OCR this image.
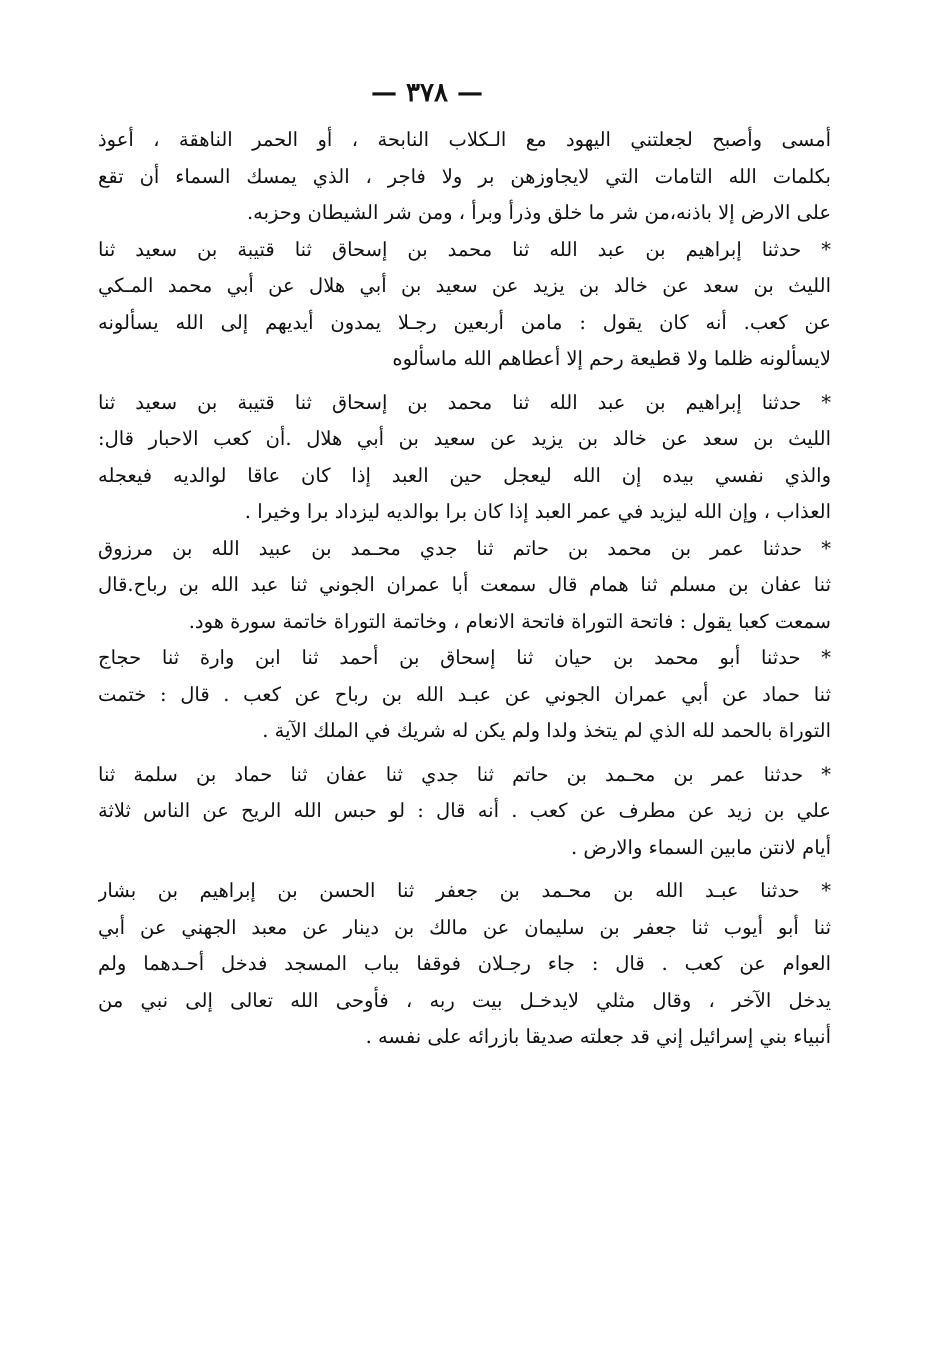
— ٣٧٨ —
أمسى وأصبح لجعلتني اليهود مع الـكلاب النابحة ، أو الحمر الناهقة ، أعوذ
بكلمات الله التامات التي لايجاوزهن بر ولا فاجر ، الذي يمسك السماء أن تقع
على الارض إلا باذنه،من شر ما خلق وذرأ وبرأ ، ومن شر الشيطان وحزبه.
* حدثنا إبراهيم بن عبد الله ثنا محمد بن إسحاق ثنا قتيبة بن سعيد ثنا
الليث بن سعد عن خالد بن يزيد عن سعيد بن أبي هلال عن أبي محمد المـكي
عن كعب. أنه كان يقول : مامن أربعين رجـلا يمدون أيديهم إلى الله يسألونه
لايسألونه ظلما ولا قطيعة رحم إلا أعطاهم الله ماسألوه
* حدثنا إبراهيم بن عبد الله ثنا محمد بن إسحاق ثنا قتيبة بن سعيد ثنا
الليث بن سعد عن خالد بن يزيد عن سعيد بن أبي هلال .أن كعب الاحبار قال:
والذي نفسي بيده إن الله ليعجل حين العبد إذا كان عاقا لوالديه فيعجله
العذاب ، وإن الله ليزيد في عمر العبد إذا كان برا بوالديه ليزداد برا وخيرا .
* حدثنا عمر بن محمد بن حاتم ثنا جدي محـمد بن عبيد الله بن مرزوق
ثنا عفان بن مسلم ثنا همام قال سمعت أبا عمران الجوني ثنا عبد الله بن رباح.قال
سمعت كعبا يقول : فاتحة التوراة فاتحة الانعام ، وخاتمة التوراة خاتمة سورة هود.
* حدثنا أبو محمد بن حيان ثنا إسحاق بن أحمد ثنا ابن وارة ثنا حجاج
ثنا حماد عن أبي عمران الجوني عن عبـد الله بن رباح عن كعب . قال : ختمت
التوراة بالحمد لله الذي لم يتخذ ولدا ولم يكن له شريك في الملك الآية .
* حدثنا عمر بن محـمد بن حاتم ثنا جدي ثنا عفان ثنا حماد بن سلمة ثنا
علي بن زيد عن مطرف عن كعب . أنه قال : لو حبس الله الريح عن الناس ثلاثة
أيام لانتن مابين السماء والارض .
* حدثنا عبـد الله بن محـمد بن جعفر ثنا الحسن بن إبراهيم بن بشار
ثنا أبو أيوب ثنا جعفر بن سليمان عن مالك بن دينار عن معبد الجهني عن أبي
العوام عن كعب . قال : جاء رجـلان فوقفا بباب المسجد فدخل أحـدهما ولم
يدخل الآخر ، وقال مثلي لايدخـل بيت ربه ، فأوحى الله تعالى إلى نبي من
أنبياء بني إسرائيل إني قد جعلته صديقا بازرائه على نفسه .
